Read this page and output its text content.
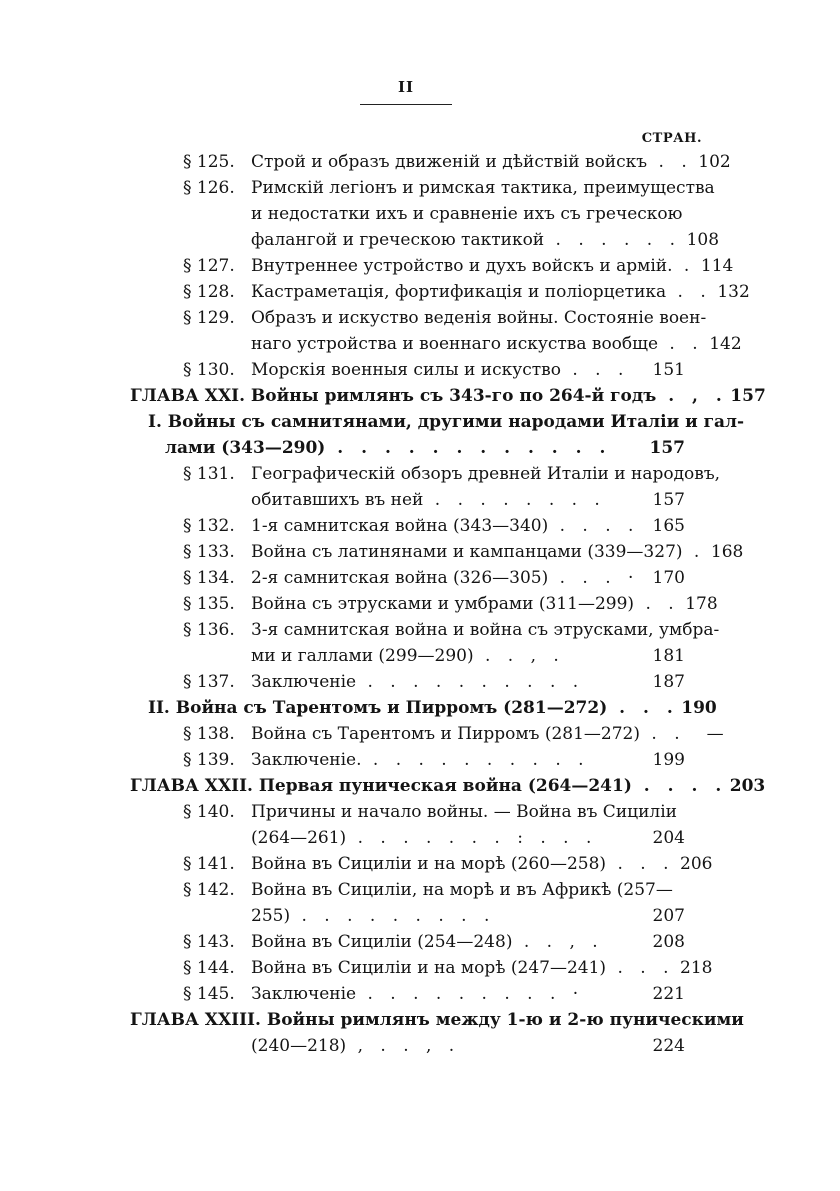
II
СТРАН.
§ 125. Строй и образъ движеній и дѣйствій войскъ . . 102
§ 126. Римскій легіонъ и римская тактика, преимущества
и недостатки ихъ и сравненіе ихъ съ греческою
фалангой и греческою тактикой . . . . . . 108
§ 127. Внутреннее устройство и духъ войскъ и армій. . 114
§ 128. Кастраметація, фортификація и поліорцетика . . 132
§ 129. Образъ и искуство веденія войны. Состояніе воен-
наго устройства и военнаго искуства вообще . . 142
§ 130. Морскія военныя силы и искуство . . .	151
ГЛАВА XXI. Войны римлянъ съ 343-го по 264-й годъ . , . 157
I. Войны съ самнитянами, другими народами Италіи и гал-
лами (343—290) . . . . . . . . . . . .	157
§ 131. Географическій обзоръ древней Италіи и народовъ,
обитавшихъ въ ней . . . . . . . .	157
§ 132. 1-я самнитская война (343—340) . . . . 165
§ 133. Война съ латинянами и кампанцами (339—327) . 168
§ 134. 2-я самнитская война (326—305) . . . · 170
§ 135. Война съ этрусками и умбрами (311—299) . . 178
§ 136. 3-я самнитская война и война съ этрусками, умбра-
ми и галлами (299—290) . . , .	181
§ 137. Заключеніе . . . . . . . . . .	187
II. Война съ Тарентомъ и Пирромъ (281—272) . . . 190
§ 138. Война съ Тарентомъ и Пирромъ (281—272) . .	—
§ 139. Заключеніе. . . . . . . . . . .	199
ГЛАВА ХХII. Первая пуническая война (264—241) . . . . 203
§ 140. Причины и начало войны. — Война въ Сициліи
(264—261) . . . . . . . : . . .	204
§ 141. Война въ Сициліи и на морѣ (260—258) . . . 206
§ 142. Война въ Сициліи, на морѣ и въ Африкѣ (257—
255) . . . . . . . . .	207
§ 143. Война въ Сициліи (254—248) . . , .	208
§ 144. Война въ Сициліи и на морѣ (247—241) . . . 218
§ 145. Заключеніе . . . . . . . . . ·	221
ГЛАВА ХХIII. Войны римлянъ между 1-ю и 2-ю пуническими
(240—218) , . . , .	224
